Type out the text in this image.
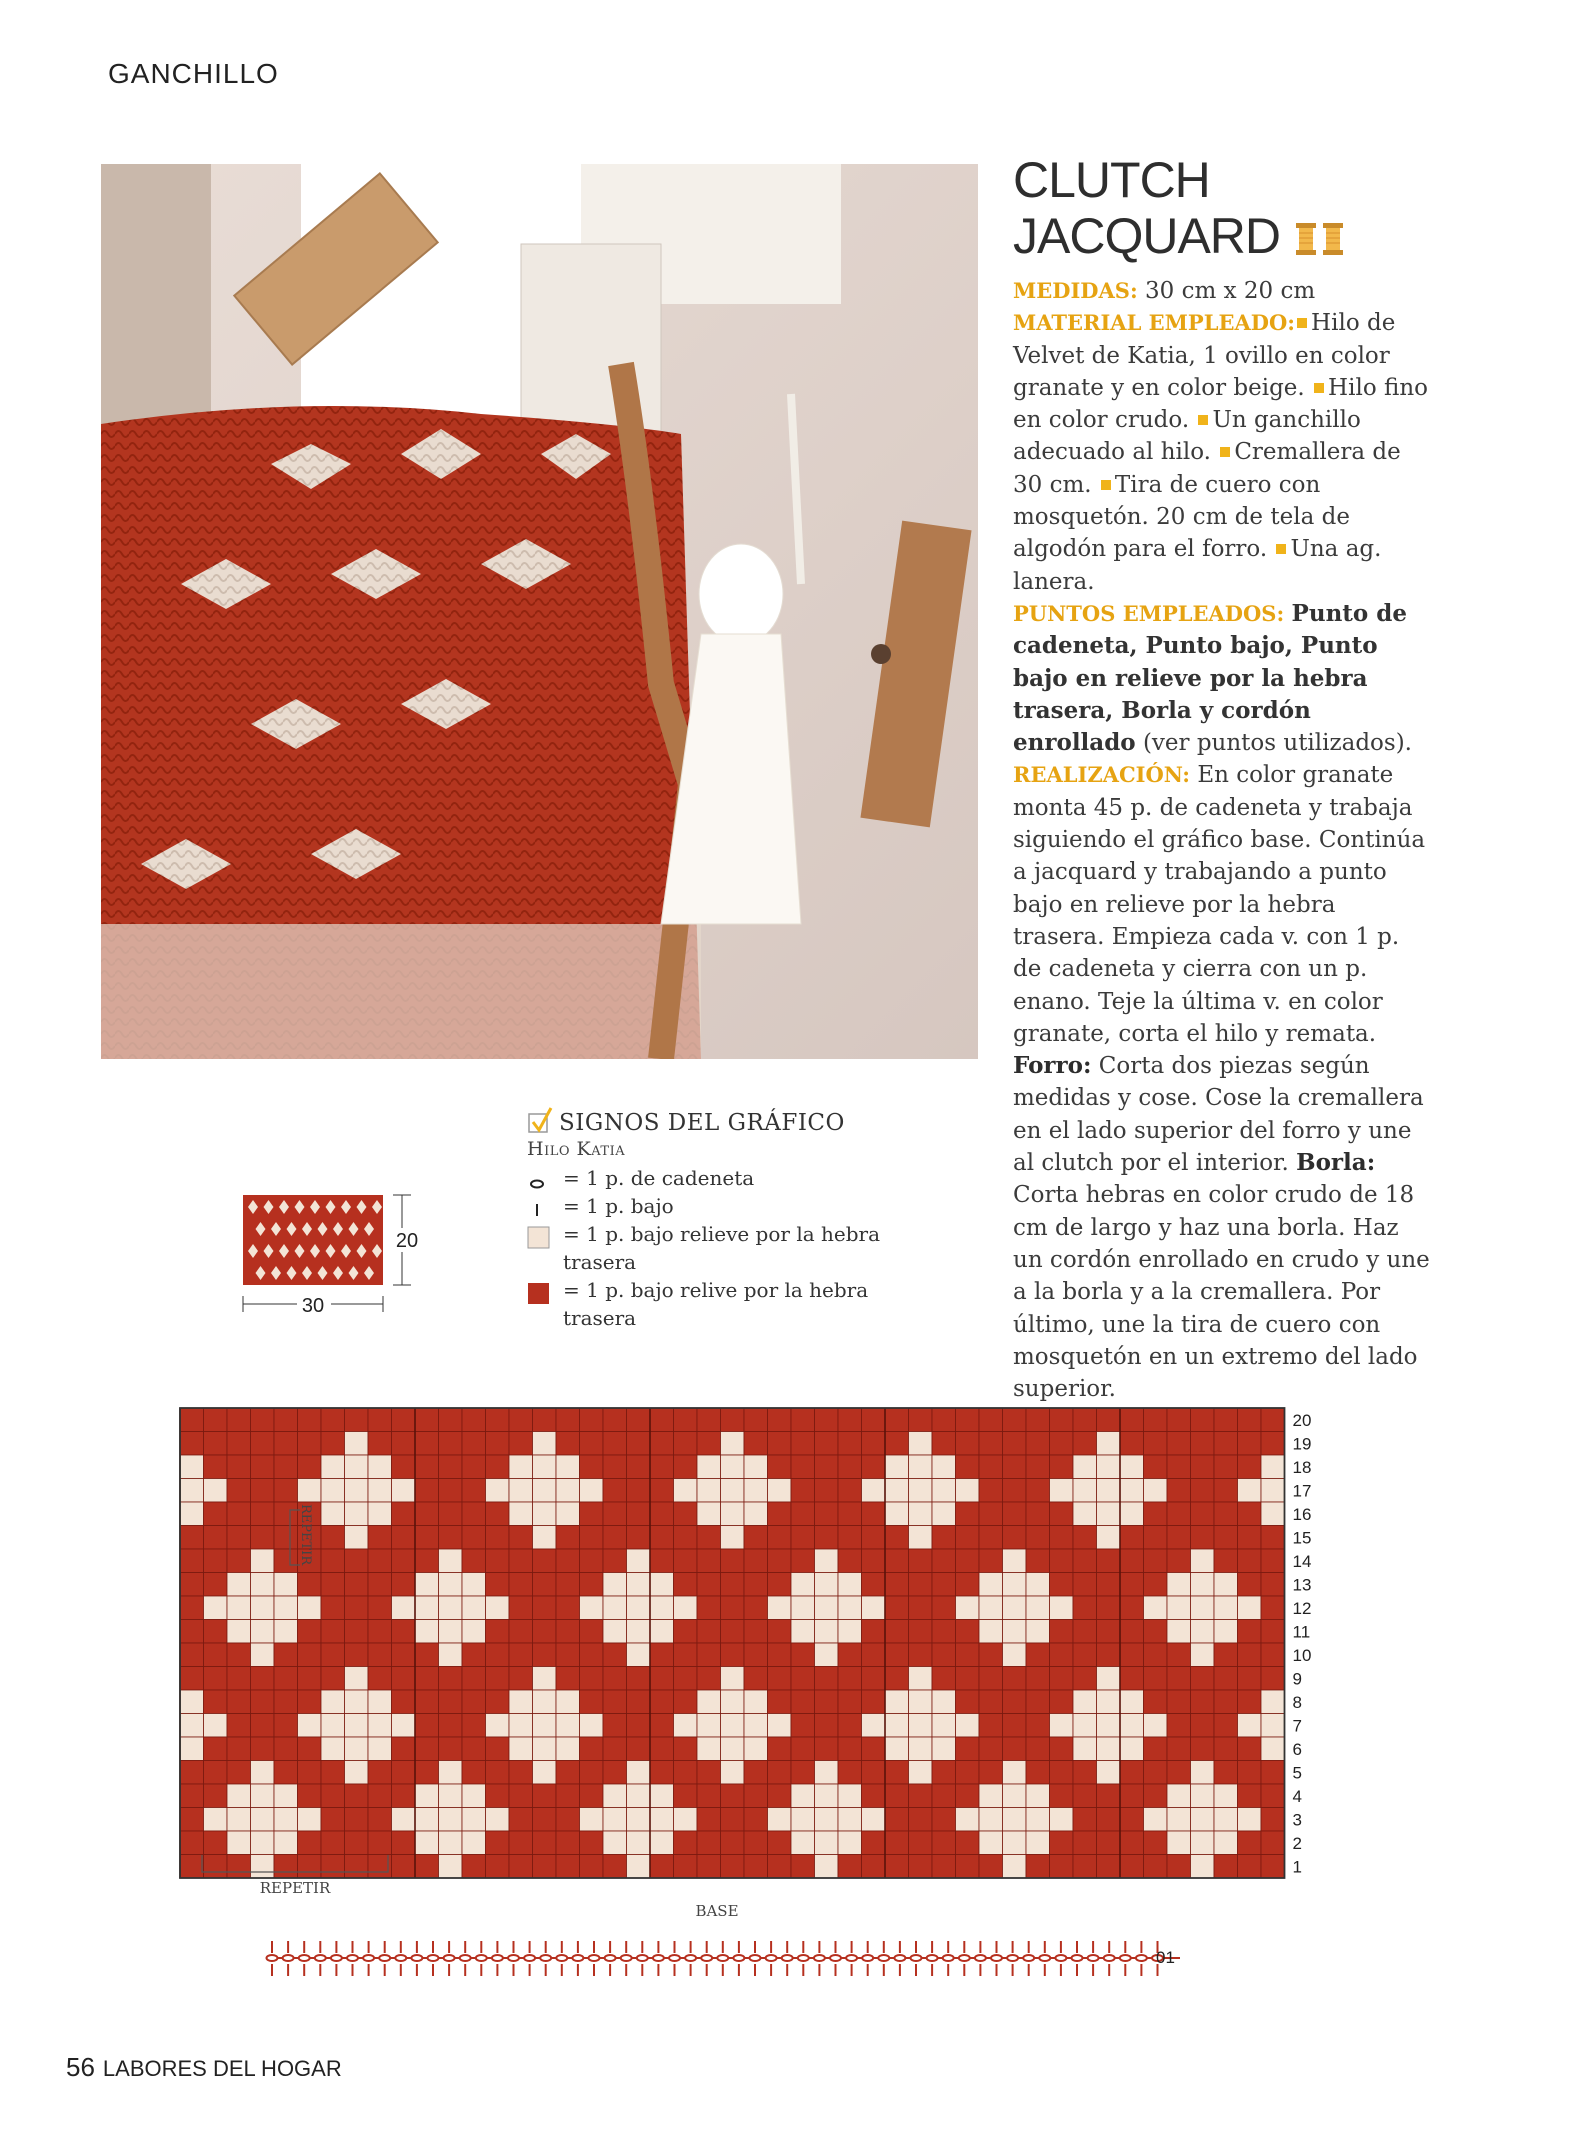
GANCHILLO
CLUTCH
JACQUARD

MEDIDAS: 30 cm x 20 cm

MATERIAL EMPLEADO: Hilo de Velvet de Katia, 1 ovillo en color granate y en color beige. Hilo fino en color crudo. Un ganchillo adecuado al hilo. Cremallera de 30 cm. Tira de cuero con mosquetón. 20 cm de tela de algodón para el forro. Una ag. lanera.

PUNTOS EMPLEADOS: Punto de cadeneta, Punto bajo, Punto bajo en relieve por la hebra trasera, Borla y cordón enrollado (ver puntos utilizados).

REALIZACIÓN: En color granate monta 45 p. de cadeneta y trabaja siguiendo el gráfico base. Continúa a jacquard y trabajando a punto bajo en relieve por la hebra trasera. Empieza cada v. con 1 p. de cadeneta y cierra con un p. enano. Teje la última v. en color granate, corta el hilo y remata. Forro: Corta dos piezas según medidas y cose. Cose la cremallera en el lado superior del forro y une al clutch por el interior. Borla: Corta hebras en color crudo de 18 cm de largo y haz una borla. Haz un cordón enrollado en crudo y une a la borla y a la cremallera. Por último, une la tira de cuero con mosquetón en un extremo del lado superior.

SIGNOS DEL GRÁFICO
Hilo Katia
= 1 p. de cadeneta
= 1 p. bajo
= 1 p. bajo relieve por la hebra trasera
= 1 p. bajo relive por la hebra trasera
20
30
20
19
18
17
16
15
14
13
12
11
10
9
8
7
6
5
4
3
2
1
REPETIR
REPETIR
BASE
01
56 LABORES DEL HOGAR
